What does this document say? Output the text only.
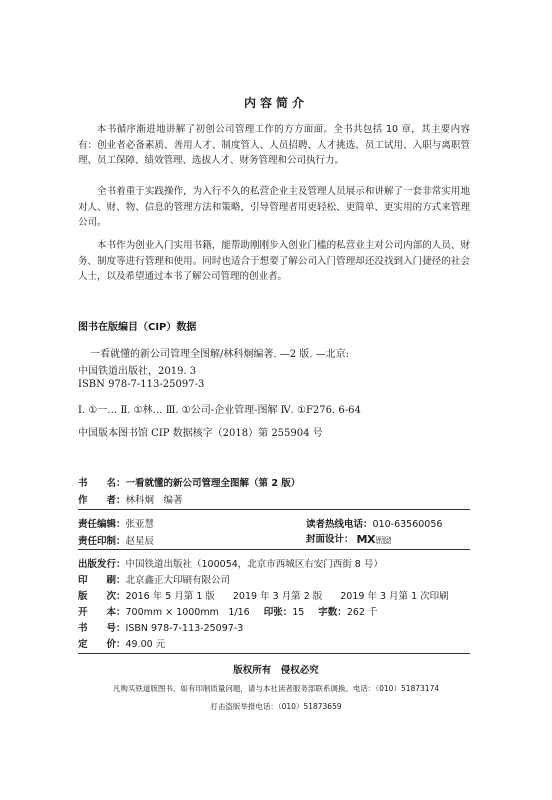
内容简介
本书循序渐进地讲解了初创公司管理工作的方方面面。全书共包括 10 章，其主要内容有：创业者必备素质、善用人才、制度管人、人员招聘、人才挑选、员工试用、入职与离职管理、员工保障、绩效管理、选拔人才、财务管理和公司执行力。
全书着重于实践操作，为入行不久的私营企业主及管理人员展示和讲解了一套非常实用地对人、财、物、信息的管理方法和策略，引导管理者用更轻松、更简单、更实用的方式来管理公司。
本书作为创业入门实用书籍，能帮助刚刚步入创业门槛的私营业主对公司内部的人员、财务、制度等进行管理和使用。同时也适合于想要了解公司入门管理却还没找到入门捷径的社会人士，以及希望通过本书了解公司管理的创业者。
图书在版编目（CIP）数据
一看就懂的新公司管理全图解/林科炯编著. —2 版. —北京:
中国铁道出版社，2019. 3
ISBN 978-7-113-25097-3
Ⅰ. ①一… Ⅱ. ①林… Ⅲ. ①公司-企业管理-图解 Ⅳ. ①F276. 6-64
中国版本图书馆 CIP 数据核字（2018）第 255904 号
书　　名：一看就懂的新公司管理全图解（第 2 版）
作　　者：林科炯　编著
责任编辑：张亚慧	读者热线电话：010-63560056
责任印制：赵星辰	封面设计： MXDESIGN
STUDIO
出版发行：中国铁道出版社（100054，北京市西城区右安门西街 8 号）
印　　刷：北京鑫正大印刷有限公司
版　　次：2016 年 5 月第 1 版 2019 年 3 月第 2 版 2019 年 3 月第 1 次印刷
开　　本：700mm × 1000mm　1/16 印张：15 字数：262 千
书　　号：ISBN 978-7-113-25097-3
定　　价：49.00 元
版权所有　侵权必究
凡购买铁道版图书，如有印制质量问题，请与本社读者服务部联系调换。电话：（010）51873174
打击盗版举报电话：（010）51873659
